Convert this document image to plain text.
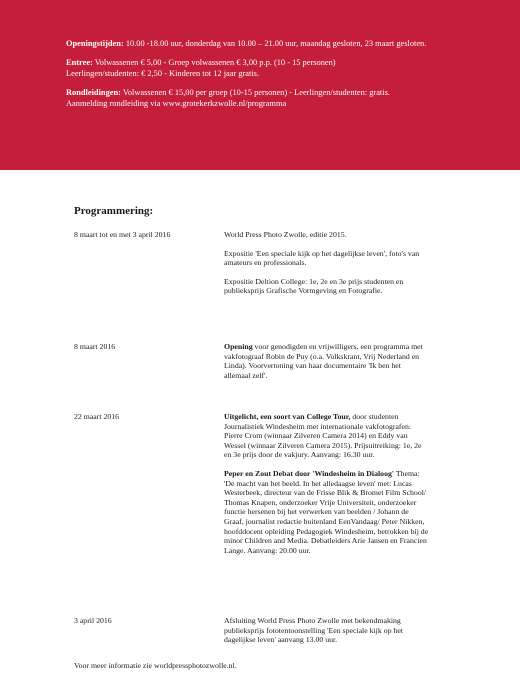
Openingstijden: 10.00 -18.00 uur, donderdag van 10.00 – 21.00 uur, maandag gesloten, 23 maart gesloten.

Entree: Volwassenen € 5,00 - Groep volwassenen € 3,00 p.p. (10 - 15 personen)
Leerlingen/studenten: € 2,50 - Kinderen tot 12 jaar gratis.

Rondleidingen: Volwassenen € 15,00 per groep (10-15 personen) - Leerlingen/studenten: gratis.
Aanmelding rondleiding via www.grotekerkzwolle.nl/programma

Programmering:
8 maart tot en met 3 april 2016	World Press Photo Zwolle, editie 2015.

Expositie 'Een speciale kijk op het dagelijkse leven', foto's van amateurs en professionals.

Expositie Deltion College: 1e, 2e en 3e prijs studenten en publieksprijs Grafische Vormgeving en Fotografie.

8 maart 2016	Opening voor genodigden en vrijwilligers, een programma met vakfotograaf Robin de Puy (o.a. Volkskrant, Vrij Nederland en Linda). Voorvertoning van haar documentaire 'Ik ben het allemaal zelf'.

22 maart 2016	Uitgelicht, een soort van College Tour, door studenten Journalistiek Windesheim met internationale vakfotografen: Pierre Crom (winnaar Zilveren Camera 2014) en Eddy van Wessel (winnaar Zilveren Camera 2015). Prijsuitreiking: 1e, 2e en 3e prijs door de vakjury. Aanvang: 16.30 uur.

Peper en Zout Debat door 'Windesheim in Dialoog' Thema: 'De macht van het beeld. In het alledaagse leven' met: Lucas Westerbeek, directeur van de Frisse Blik & Bromet Film School/ Thomas Knapen, onderzoeker Vrije Universiteit, onderzoeker functie hersenen bij het verwerken van beelden / Johann de Graaf, journalist redactie buitenland EenVandaag/ Peter Nikken, hoofddocent opleiding Pedagogiek Windesheim, betrokken bij de minor Children and Media. Debatleiders Arie Jansen en Francien Lange. Aanvang: 20.00 uur.

3 april 2016	Afsluiting World Press Photo Zwolle met bekendmaking publieksprijs fototentoonstelling 'Een speciale kijk op het dagelijkse leven' aanvang 13.00 uur.

Voor meer informatie zie worldpressphotozwolle.nl.
